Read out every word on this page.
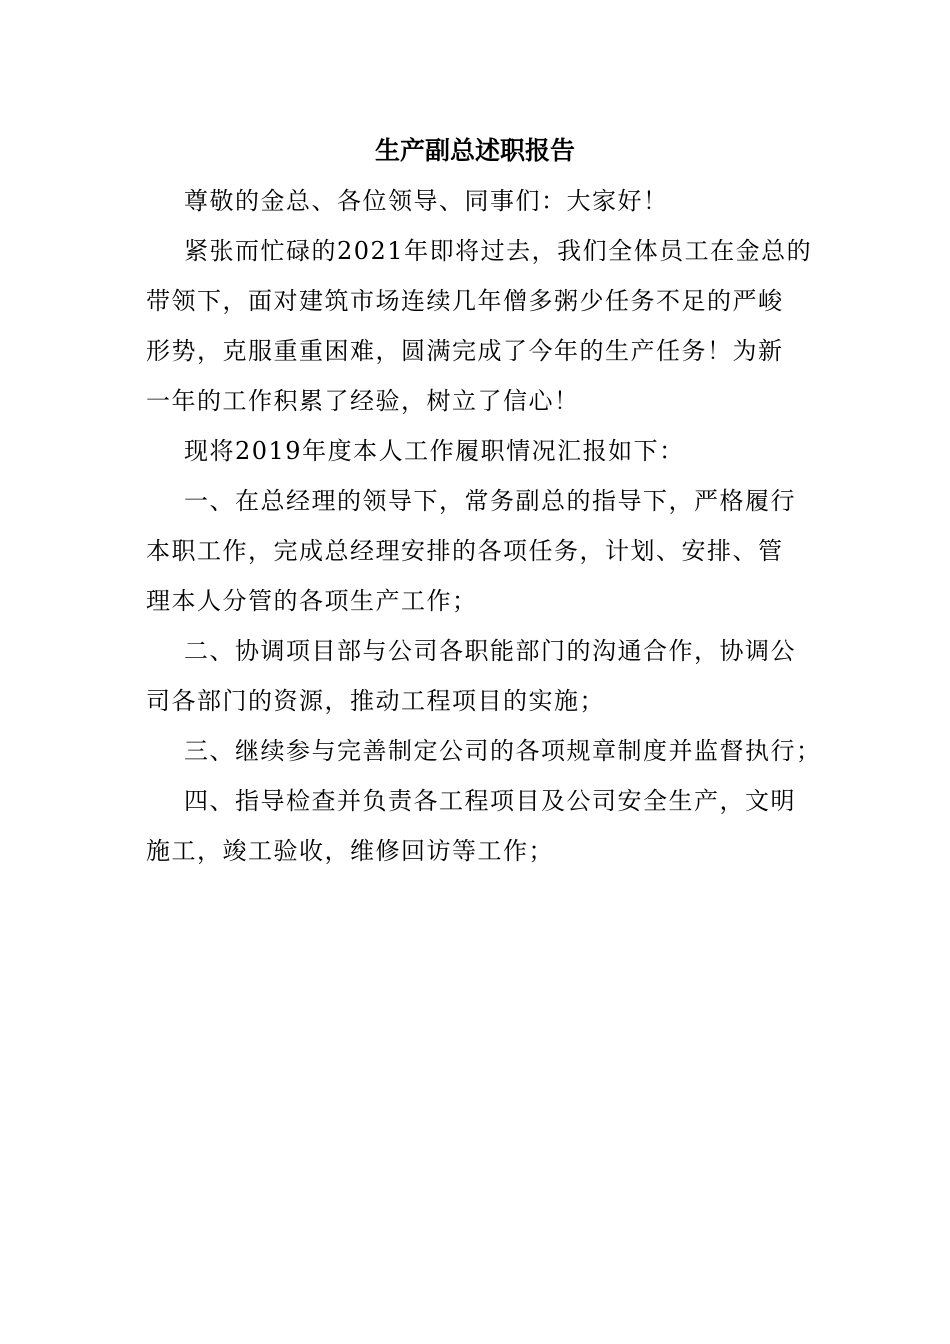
生产副总述职报告

尊敬的金总、各位领导、同事们：大家好！

紧张而忙碌的2021年即将过去，我们全体员工在金总的
带领下，面对建筑市场连续几年僧多粥少任务不足的严峻
形势，克服重重困难，圆满完成了今年的生产任务！为新
一年的工作积累了经验，树立了信心！

现将2019年度本人工作履职情况汇报如下：

一、在总经理的领导下，常务副总的指导下，严格履行
本职工作，完成总经理安排的各项任务，计划、安排、管
理本人分管的各项生产工作；

二、协调项目部与公司各职能部门的沟通合作，协调公
司各部门的资源，推动工程项目的实施；

三、继续参与完善制定公司的各项规章制度并监督执行；

四、指导检查并负责各工程项目及公司安全生产，文明
施工，竣工验收，维修回访等工作；
